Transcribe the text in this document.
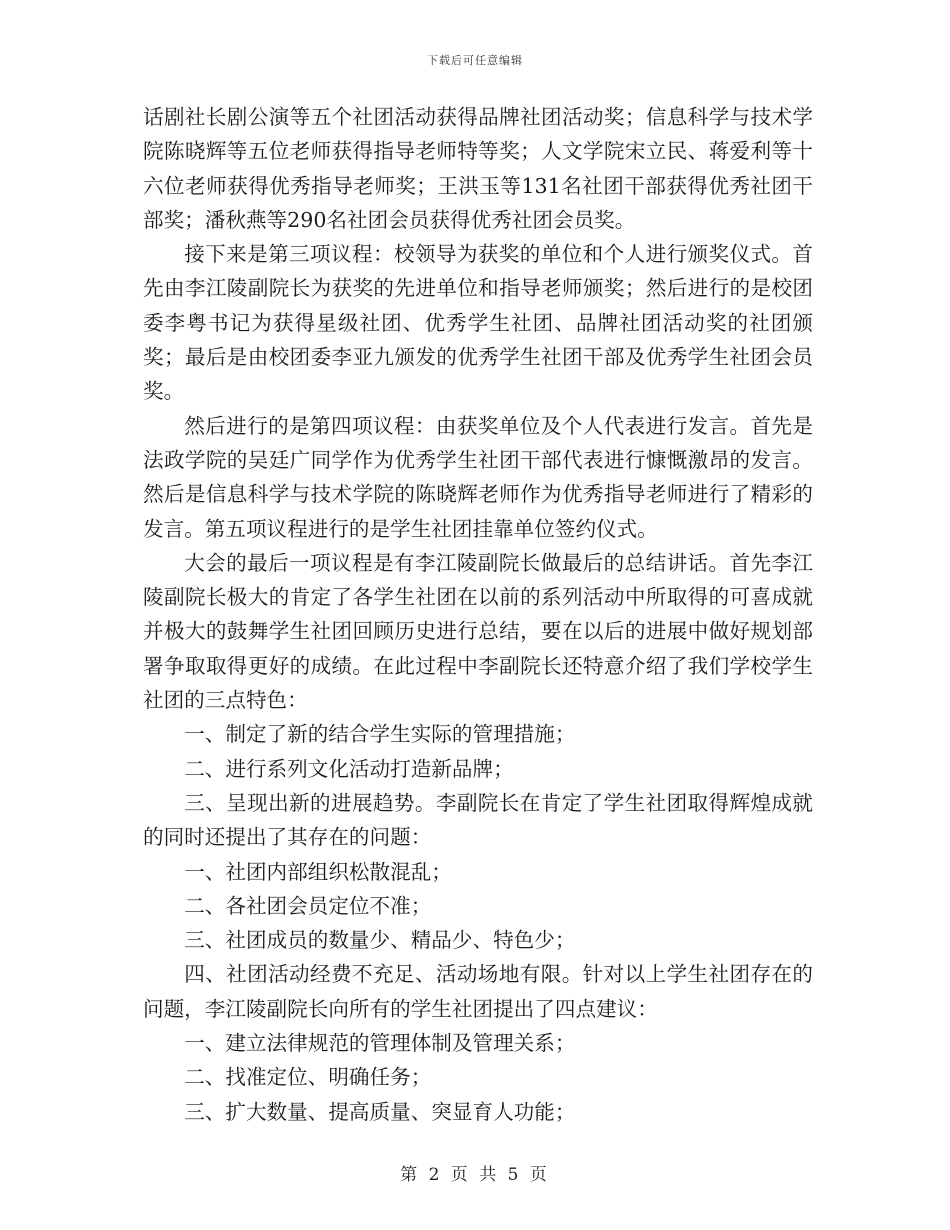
下载后可任意编辑

话剧社长剧公演等五个社团活动获得品牌社团活动奖；信息科学与技术学院陈晓辉等五位老师获得指导老师特等奖；人文学院宋立民、蒋爱利等十六位老师获得优秀指导老师奖；王洪玉等131名社团干部获得优秀社团干部奖；潘秋燕等290名社团会员获得优秀社团会员奖。

接下来是第三项议程：校领导为获奖的单位和个人进行颁奖仪式。首先由李江陵副院长为获奖的先进单位和指导老师颁奖；然后进行的是校团委李粤书记为获得星级社团、优秀学生社团、品牌社团活动奖的社团颁奖；最后是由校团委李亚九颁发的优秀学生社团干部及优秀学生社团会员奖。

然后进行的是第四项议程：由获奖单位及个人代表进行发言。首先是法政学院的吴廷广同学作为优秀学生社团干部代表进行慷慨激昂的发言。然后是信息科学与技术学院的陈晓辉老师作为优秀指导老师进行了精彩的发言。第五项议程进行的是学生社团挂靠单位签约仪式。

大会的最后一项议程是有李江陵副院长做最后的总结讲话。首先李江陵副院长极大的肯定了各学生社团在以前的系列活动中所取得的可喜成就并极大的鼓舞学生社团回顾历史进行总结，要在以后的进展中做好规划部署争取取得更好的成绩。在此过程中李副院长还特意介绍了我们学校学生社团的三点特色：

一、制定了新的结合学生实际的管理措施；

二、进行系列文化活动打造新品牌；

三、呈现出新的进展趋势。李副院长在肯定了学生社团取得辉煌成就的同时还提出了其存在的问题：

一、社团内部组织松散混乱；

二、各社团会员定位不准；

三、社团成员的数量少、精品少、特色少；

四、社团活动经费不充足、活动场地有限。针对以上学生社团存在的问题，李江陵副院长向所有的学生社团提出了四点建议：

一、建立法律规范的管理体制及管理关系；

二、找准定位、明确任务；

三、扩大数量、提高质量、突显育人功能；

第 2 页 共 5 页
